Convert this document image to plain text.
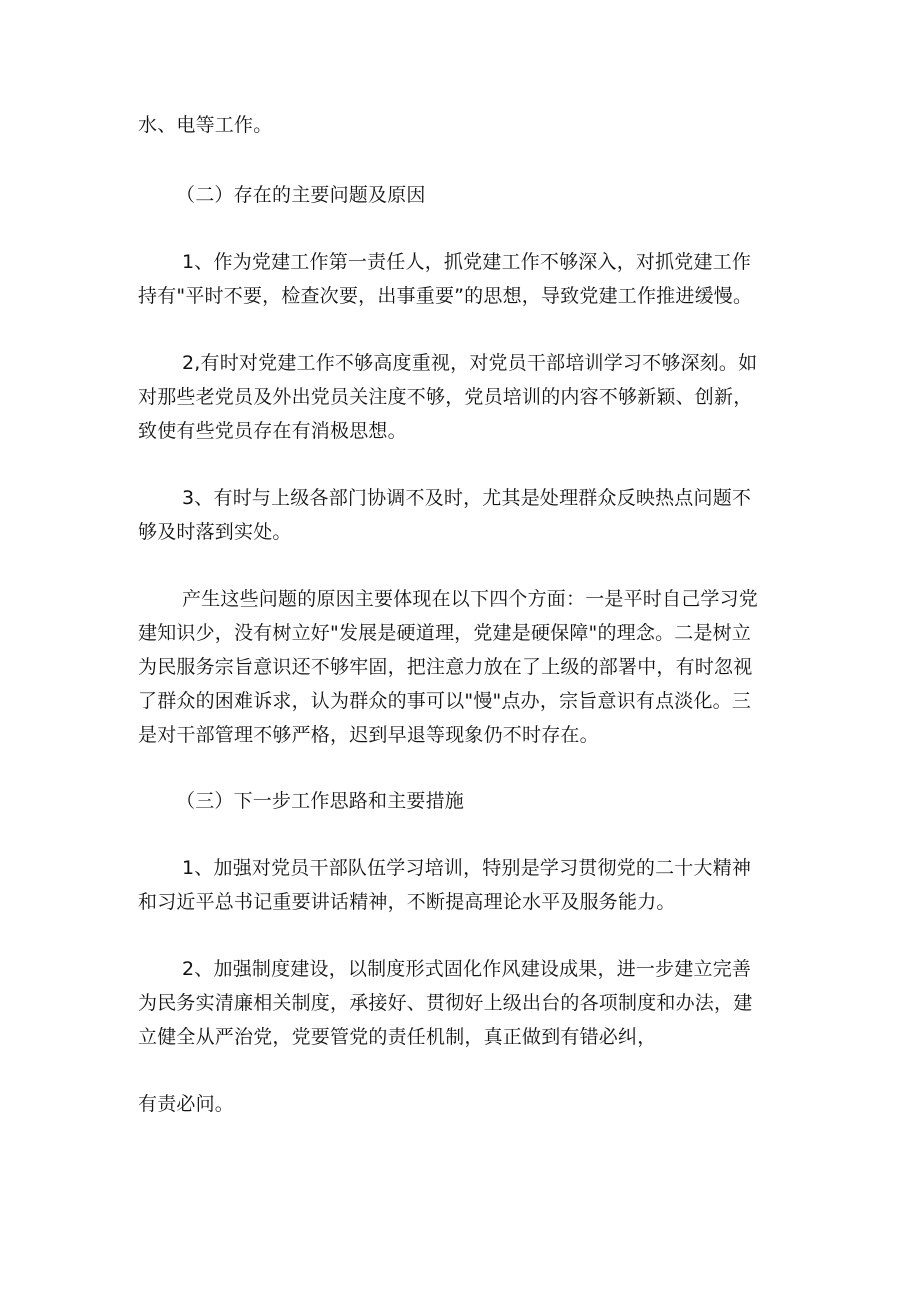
水、电等工作。
（二）存在的主要问题及原因
1、作为党建工作第一责任人，抓党建工作不够深入，对抓党建工作
持有"平时不要，检查次要，出事重要”的思想，导致党建工作推进缓慢。
2,有时对党建工作不够高度重视，对党员干部培训学习不够深刻。如
对那些老党员及外出党员关注度不够，党员培训的内容不够新颖、创新，
致使有些党员存在有消极思想。
3、有时与上级各部门协调不及时，尤其是处理群众反映热点问题不
够及时落到实处。
产生这些问题的原因主要体现在以下四个方面：一是平时自己学习党
建知识少，没有树立好"发展是硬道理，党建是硬保障"的理念。二是树立
为民服务宗旨意识还不够牢固，把注意力放在了上级的部署中，有时忽视
了群众的困难诉求，认为群众的事可以"慢"点办，宗旨意识有点淡化。三
是对干部管理不够严格，迟到早退等现象仍不时存在。
（三）下一步工作思路和主要措施
1、加强对党员干部队伍学习培训，特别是学习贯彻党的二十大精神
和习近平总书记重要讲话精神，不断提高理论水平及服务能力。
2、加强制度建设，以制度形式固化作风建设成果，进一步建立完善
为民务实清廉相关制度，承接好、贯彻好上级出台的各项制度和办法，建
立健全从严治党，党要管党的责任机制，真正做到有错必纠，
有责必问。
